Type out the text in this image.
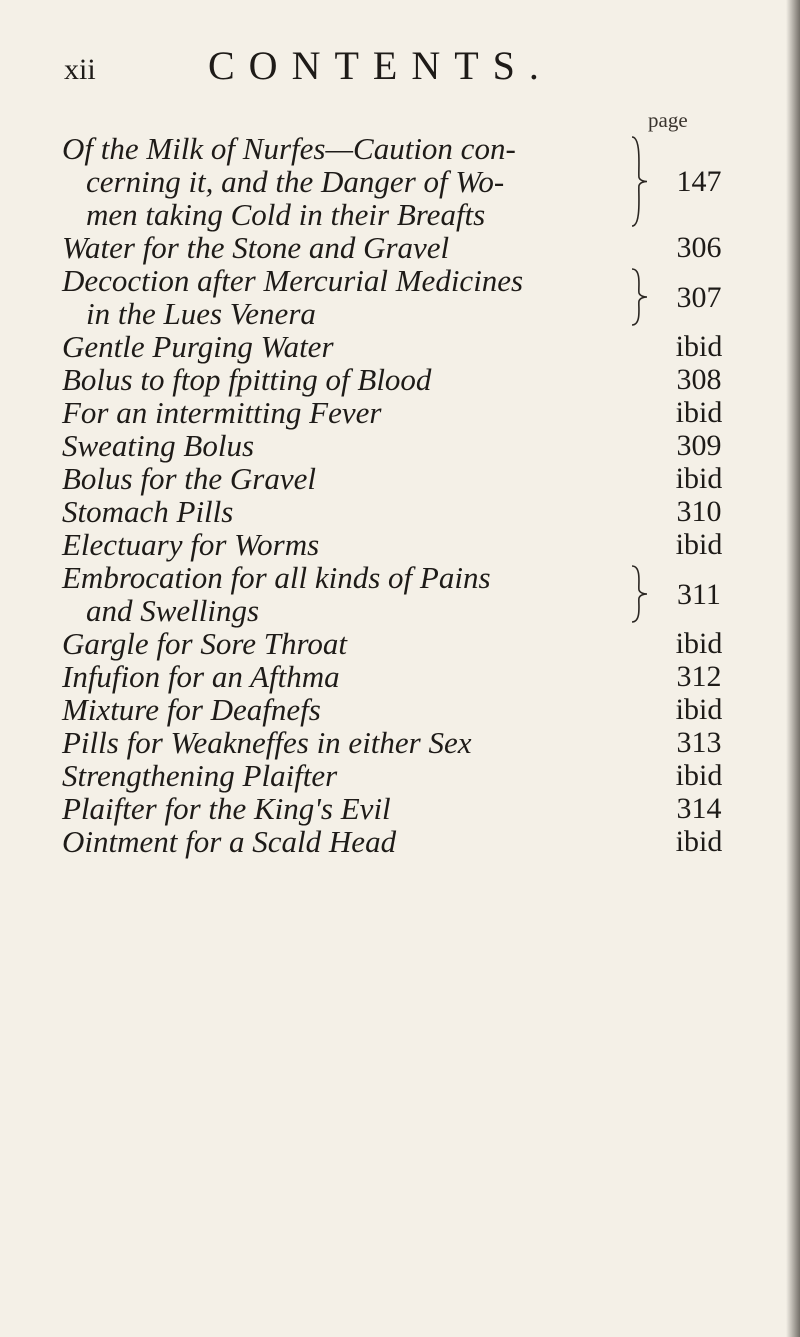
xii	CONTENTS.
page
Of the Milk of Nurfes—Caution con-
cerning it, and the Danger of Wo-
men taking Cold in their Breafts
147
Water for the Stone and Gravel	306
Decoction after Mercurial Medicines
in the Lues Venera	307
Gentle Purging Water	ibid
Bolus to ftop fpitting of Blood	308
For an intermitting Fever	ibid
Sweating Bolus	309
Bolus for the Gravel	ibid
Stomach Pills	310
Electuary for Worms	ibid
Embrocation for all kinds of Pains
and Swellings	311
Gargle for Sore Throat	ibid
Infufion for an Afthma	312
Mixture for Deafnefs	ibid
Pills for Weakneffes in either Sex	313
Strengthening Plaifter	ibid
Plaifter for the King's Evil	314
Ointment for a Scald Head	ibid
